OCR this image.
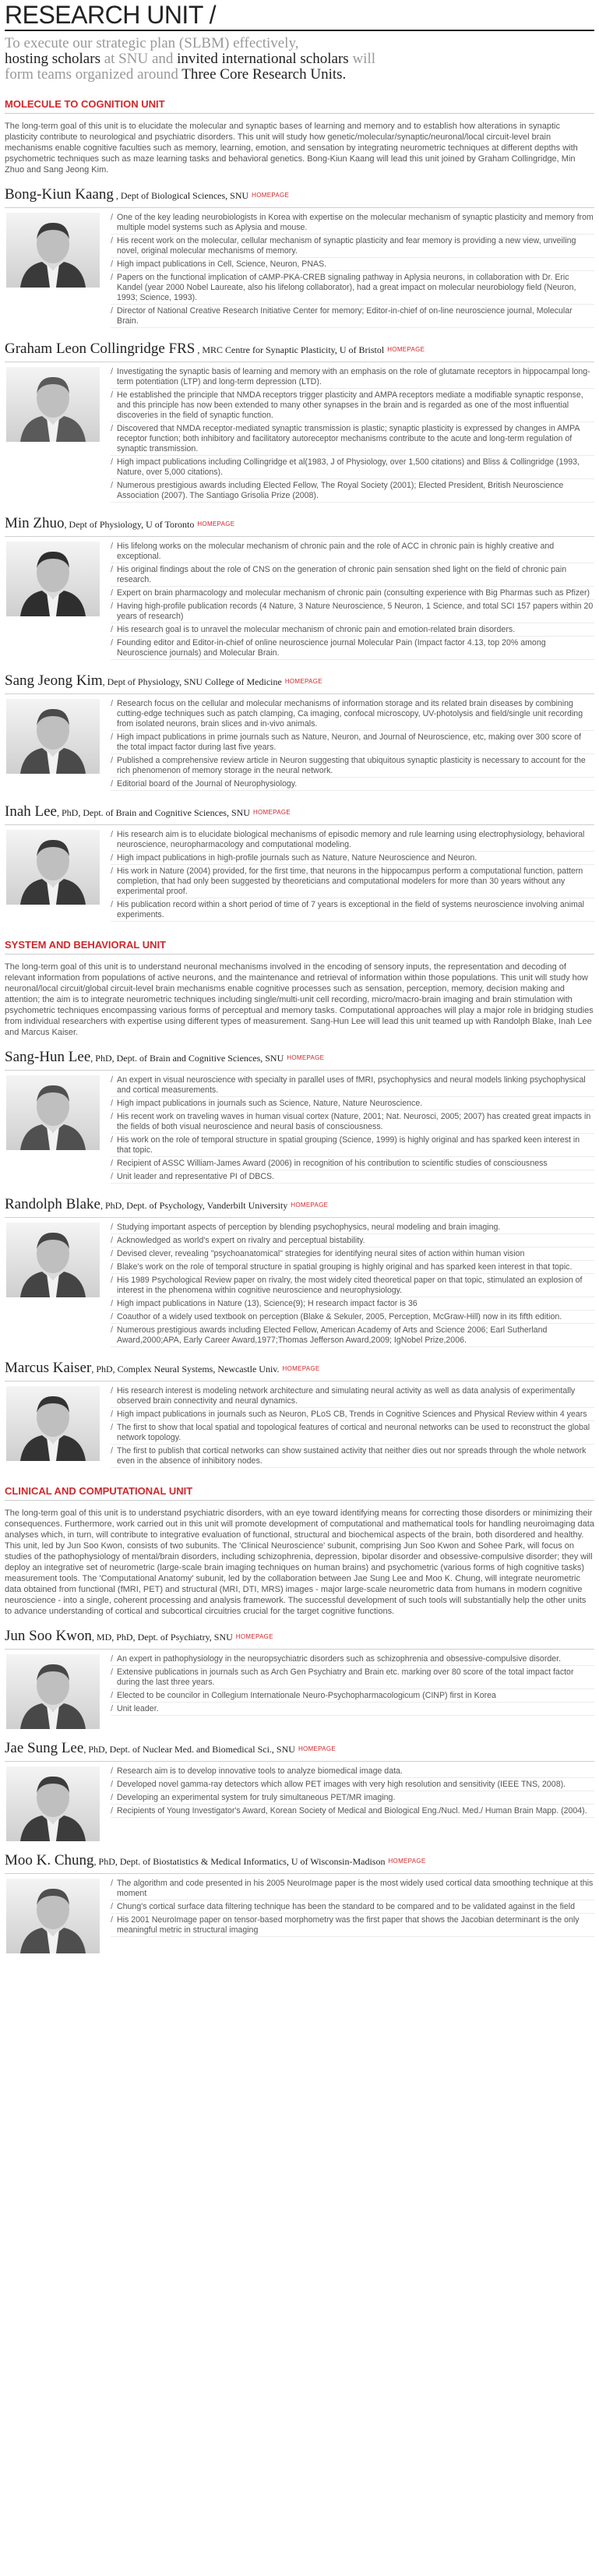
RESEARCH UNIT /
To execute our strategic plan (SLBM) effectively,
hosting scholars at SNU and invited international scholars will
form teams organized around Three Core Research Units.
MOLECULE TO COGNITION UNIT

The long-term goal of this unit is to elucidate the molecular and synaptic bases of learning and memory and to establish how alterations in synaptic plasticity contribute to neurological and psychiatric disorders. This unit will study how genetic/molecular/synaptic/neuronal/local circuit-level brain mechanisms enable cognitive faculties such as memory, learning, emotion, and sensation by integrating neurometric techniques at different depths with psychometric techniques such as maze learning tasks and behavioral genetics. Bong-Kiun Kaang will lead this unit joined by Graham Collingridge, Min Zhuo and Sang Jeong Kim.

Bong-Kiun Kaang , Dept of Biological Sciences, SNU HOMEPAGE
/ One of the key leading neurobiologists in Korea with expertise on the molecular mechanism of synaptic plasticity and memory from multiple model systems such as Aplysia and mouse.
/ His recent work on the molecular, cellular mechanism of synaptic plasticity and fear memory is providing a new view, unveiling novel, original molecular mechanisms of memory.
/ High impact publications in Cell, Science, Neuron, PNAS.
/ Papers on the functional implication of cAMP-PKA-CREB signaling pathway in Aplysia neurons, in collaboration with Dr. Eric Kandel (year 2000 Nobel Laureate, also his lifelong collaborator), had a great impact on molecular neurobiology field (Neuron, 1993; Science, 1993).
/ Director of National Creative Research Initiative Center for memory; Editor-in-chief of on-line neuroscience journal, Molecular Brain.
Graham Leon Collingridge FRS , MRC Centre for Synaptic Plasticity, U of Bristol HOMEPAGE
/ Investigating the synaptic basis of learning and memory with an emphasis on the role of glutamate receptors in hippocampal long-term potentiation (LTP) and long-term depression (LTD).
/ He established the principle that NMDA receptors trigger plasticity and AMPA receptors mediate a modifiable synaptic response, and this principle has now been extended to many other synapses in the brain and is regarded as one of the most influential discoveries in the field of synaptic function.
/ Discovered that NMDA receptor-mediated synaptic transmission is plastic; synaptic plasticity is expressed by changes in AMPA receptor function; both inhibitory and facilitatory autoreceptor mechanisms contribute to the acute and long-term regulation of synaptic transmission.
/ High impact publications including Collingridge et al(1983, J of Physiology, over 1,500 citations) and Bliss & Collingridge (1993, Nature, over 5,000 citations).
/ Numerous prestigious awards including Elected Fellow, The Royal Society (2001); Elected President, British Neuroscience Association (2007). The Santiago Grisolia Prize (2008).
Min Zhuo, Dept of Physiology, U of Toronto HOMEPAGE
/ His lifelong works on the molecular mechanism of chronic pain and the role of ACC in chronic pain is highly creative and exceptional.
/ His original findings about the role of CNS on the generation of chronic pain sensation shed light on the field of chronic pain research.
/ Expert on brain pharmacology and molecular mechanism of chronic pain (consulting experience with Big Pharmas such as Pfizer)
/ Having high-profile publication records (4 Nature, 3 Nature Neuroscience, 5 Neuron, 1 Science, and total SCI 157 papers within 20 years of research)
/ His research goal is to unravel the molecular mechanism of chronic pain and emotion-related brain disorders.
/ Founding editor and Editor-in-chief of online neuroscience journal Molecular Pain (Impact factor 4.13, top 20% among Neuroscience journals) and Molecular Brain.
Sang Jeong Kim, Dept of Physiology, SNU College of Medicine HOMEPAGE
/ Research focus on the cellular and molecular mechanisms of information storage and its related brain diseases by combining cutting-edge techniques such as patch clamping, Ca imaging, confocal microscopy, UV-photolysis and field/single unit recording from isolated neurons, brain slices and in-vivo animals.
/ High impact publications in prime journals such as Nature, Neuron, and Journal of Neuroscience, etc, making over 300 score of the total impact factor during last five years.
/ Published a comprehensive review article in Neuron suggesting that ubiquitous synaptic plasticity is necessary to account for the rich phenomenon of memory storage in the neural network.
/ Editorial board of the Journal of Neurophysiology.
Inah Lee, PhD, Dept. of Brain and Cognitive Sciences, SNU HOMEPAGE
/ His research aim is to elucidate biological mechanisms of episodic memory and rule learning using electrophysiology, behavioral neuroscience, neuropharmacology and computational modeling.
/ High impact publications in high-profile journals such as Nature, Nature Neuroscience and Neuron.
/ His work in Nature (2004) provided, for the first time, that neurons in the hippocampus perform a computational function, pattern completion, that had only been suggested by theoreticians and computational modelers for more than 30 years without any experimental proof.
/ His publication record within a short period of time of 7 years is exceptional in the field of systems neuroscience involving animal experiments.
SYSTEM AND BEHAVIORAL UNIT

The long-term goal of this unit is to understand neuronal mechanisms involved in the encoding of sensory inputs, the representation and decoding of relevant information from populations of active neurons, and the maintenance and retrieval of information within those populations. This unit will study how neuronal/local circuit/global circuit-level brain mechanisms enable cognitive processes such as sensation, perception, memory, decision making and attention; the aim is to integrate neurometric techniques including single/multi-unit cell recording, micro/macro-brain imaging and brain stimulation with psychometric techniques encompassing various forms of perceptual and memory tasks. Computational approaches will play a major role in bridging studies from individual researchers with expertise using different types of measurement. Sang-Hun Lee will lead this unit teamed up with Randolph Blake, Inah Lee and Marcus Kaiser.

Sang-Hun Lee, PhD, Dept. of Brain and Cognitive Sciences, SNU HOMEPAGE
/ An expert in visual neuroscience with specialty in parallel uses of fMRI, psychophysics and neural models linking psychophysical and cortical measurements.
/ High impact publications in journals such as Science, Nature, Nature Neuroscience.
/ His recent work on traveling waves in human visual cortex (Nature, 2001; Nat. Neurosci, 2005; 2007) has created great impacts in the fields of both visual neuroscience and neural basis of consciousness.
/ His work on the role of temporal structure in spatial grouping (Science, 1999) is highly original and has sparked keen interest in that topic.
/ Recipient of ASSC William-James Award (2006) in recognition of his contribution to scientific studies of consciousness
/ Unit leader and representative PI of DBCS.
Randolph Blake, PhD, Dept. of Psychology, Vanderbilt University HOMEPAGE
/ Studying important aspects of perception by blending psychophysics, neural modeling and brain imaging.
/ Acknowledged as world's expert on rivalry and perceptual bistability.
/ Devised clever, revealing "psychoanatomical" strategies for identifying neural sites of action within human vision
/ Blake's work on the role of temporal structure in spatial grouping is highly original and has sparked keen interest in that topic.
/ His 1989 Psychological Review paper on rivalry, the most widely cited theoretical paper on that topic, stimulated an explosion of interest in the phenomena within cognitive neuroscience and neurophysiology.
/ High impact publications in Nature (13), Science(9); H research impact factor is 36
/ Coauthor of a widely used textbook on perception (Blake & Sekuler, 2005, Perception, McGraw-Hill) now in its fifth edition.
/ Numerous prestigious awards including Elected Fellow, American Academy of Arts and Science 2006; Earl Sutherland Award,2000;APA, Early Career Award,1977;Thomas Jefferson Award,2009; IgNobel Prize,2006.
Marcus Kaiser, PhD, Complex Neural Systems, Newcastle Univ. HOMEPAGE
/ His research interest is modeling network architecture and simulating neural activity as well as data analysis of experimentally observed brain connectivity and neural dynamics.
/ High impact publications in journals such as Neuron, PLoS CB, Trends in Cognitive Sciences and Physical Review within 4 years
/ The first to show that local spatial and topological features of cortical and neuronal networks can be used to reconstruct the global network topology.
/ The first to publish that cortical networks can show sustained activity that neither dies out nor spreads through the whole network even in the absence of inhibitory nodes.
CLINICAL AND COMPUTATIONAL UNIT

The long-term goal of this unit is to understand psychiatric disorders, with an eye toward identifying means for correcting those disorders or minimizing their consequences. Furthermore, work carried out in this unit will promote development of computational and mathematical tools for handling neuroimaging data analyses which, in turn, will contribute to integrative evaluation of functional, structural and biochemical aspects of the brain, both disordered and healthy. This unit, led by Jun Soo Kwon, consists of two subunits. The 'Clinical Neuroscience' subunit, comprising Jun Soo Kwon and Sohee Park, will focus on studies of the pathophysiology of mental/brain disorders, including schizophrenia, depression, bipolar disorder and obsessive-compulsive disorder; they will deploy an integrative set of neurometric (large-scale brain imaging techniques on human brains) and psychometric (various forms of high cognitive tasks) measurement tools. The 'Computational Anatomy' subunit, led by the collaboration between Jae Sung Lee and Moo K. Chung, will integrate neurometric data obtained from functional (fMRI, PET) and structural (MRI, DTI, MRS) images - major large-scale neurometric data from humans in modern cognitive neuroscience - into a single, coherent processing and analysis framework. The successful development of such tools will substantially help the other units to advance understanding of cortical and subcortical circuitries crucial for the target cognitive functions.

Jun Soo Kwon, MD, PhD, Dept. of Psychiatry, SNU HOMEPAGE
/ An expert in pathophysiology in the neuropsychiatric disorders such as schizophrenia and obsessive-compulsive disorder.
/ Extensive publications in journals such as Arch Gen Psychiatry and Brain etc. marking over 80 score of the total impact factor during the last three years.
/ Elected to be councilor in Collegium Internationale Neuro-Psychopharmacologicum (CINP) first in Korea
/ Unit leader.
Jae Sung Lee, PhD, Dept. of Nuclear Med. and Biomedical Sci., SNU HOMEPAGE
/ Research aim is to develop innovative tools to analyze biomedical image data.
/ Developed novel gamma-ray detectors which allow PET images with very high resolution and sensitivity (IEEE TNS, 2008).
/ Developing an experimental system for truly simultaneous PET/MR imaging.
/ Recipients of Young Investigator's Award, Korean Society of Medical and Biological Eng./Nucl. Med./ Human Brain Mapp. (2004).
Moo K. Chung, PhD, Dept. of Biostatistics & Medical Informatics, U of Wisconsin-Madison HOMEPAGE
/ The algorithm and code presented in his 2005 NeuroImage paper is the most widely used cortical data smoothing technique at this moment
/ Chung's cortical surface data filtering technique has been the standard to be compared and to be validated against in the field
/ His 2001 NeuroImage paper on tensor-based morphometry was the first paper that shows the Jacobian determinant is the only meaningful metric in structural imaging
